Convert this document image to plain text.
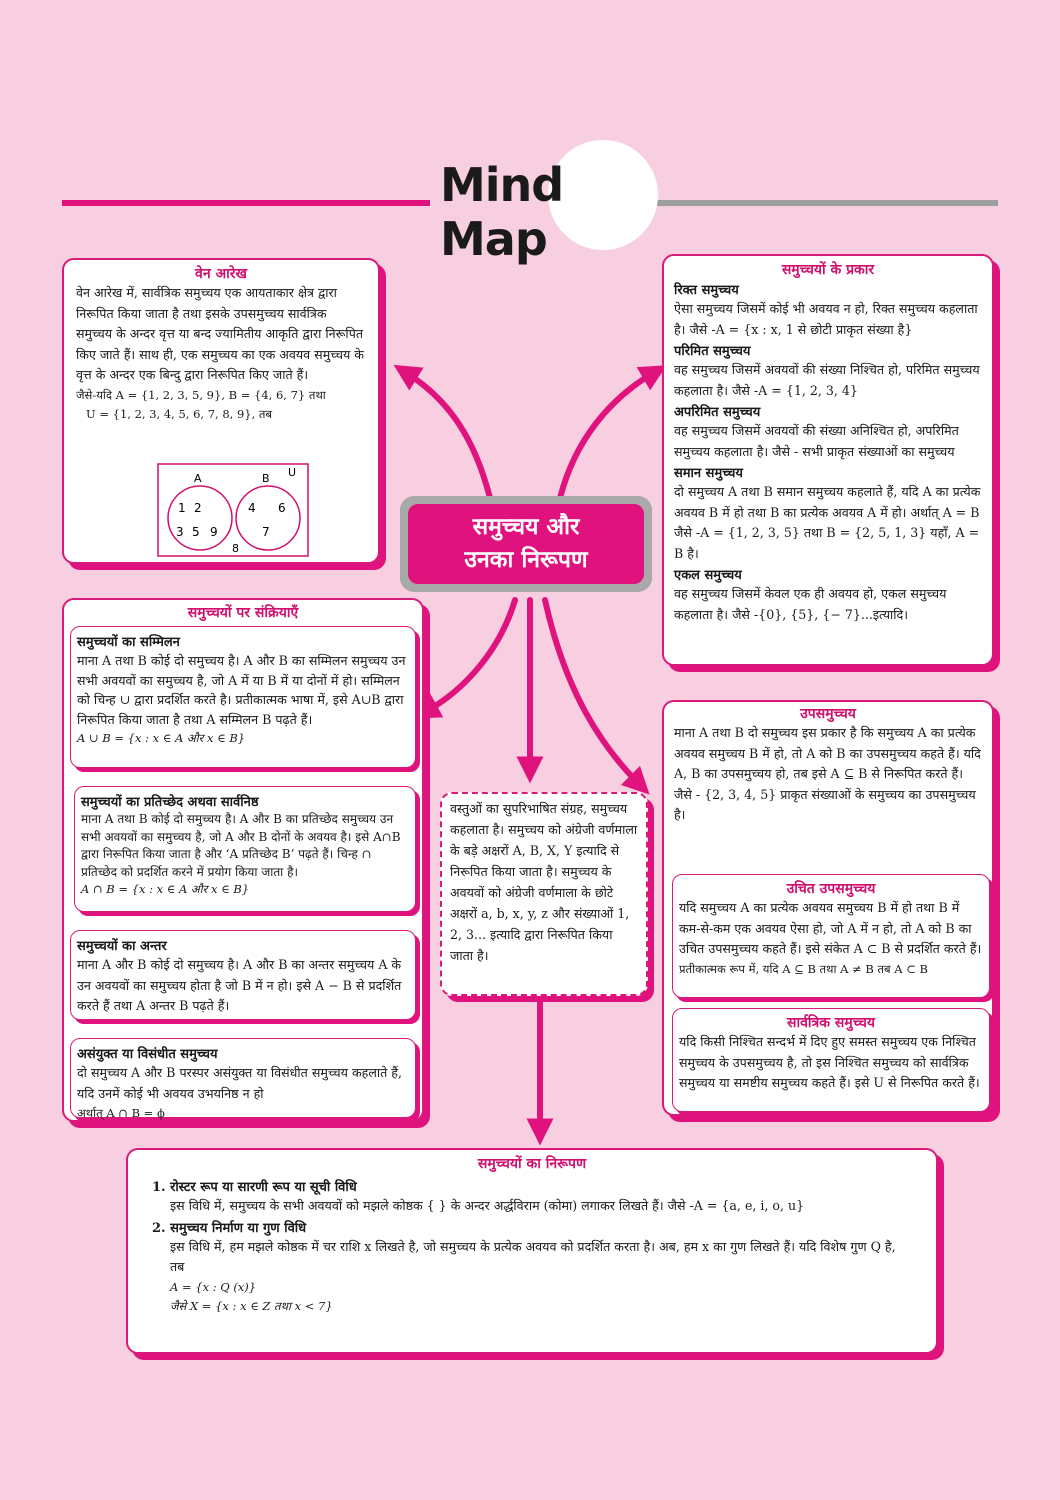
Mind Map
समुच्चय और
उनका निरूपण
वेन आरेख

वेन आरेख में, सार्वत्रिक समुच्चय एक आयताकार क्षेत्र द्वारा निरूपित किया जाता है तथा इसके उपसमुच्चय सार्वत्रिक समुच्चय के अन्दर वृत्त या बन्द ज्यामितीय आकृति द्वारा निरूपित किए जाते हैं। साथ ही, एक समुच्चय का एक अवयव समुच्चय के वृत्त के अन्दर एक बिन्दु द्वारा निरूपित किए जाते हैं।

जैसे-यदि A = {1, 2, 3, 5, 9}, B = {4, 6, 7} तथा

U = {1, 2, 3, 4, 5, 6, 7, 8, 9}, तब

A	B U
1 2
3 5 9
4 6
7
8
समुच्चयों के प्रकार
रिक्त समुच्चय

ऐसा समुच्चय जिसमें कोई भी अवयव न हो, रिक्त समुच्चय कहलाता है। जैसे -A = {x : x, 1 से छोटी प्राकृत संख्या है}

परिमित समुच्चय

वह समुच्चय जिसमें अवयवों की संख्या निश्चित हो, परिमित समुच्चय कहलाता है। जैसे -A = {1, 2, 3, 4}

अपरिमित समुच्चय

वह समुच्चय जिसमें अवयवों की संख्या अनिश्चित हो, अपरिमित समुच्चय कहलाता है। जैसे - सभी प्राकृत संख्याओं का समुच्चय

समान समुच्चय

दो समुच्चय A तथा B समान समुच्चय कहलाते हैं, यदि A का प्रत्येक अवयव B में हो तथा B का प्रत्येक अवयव A में हो। अर्थात् A = B जैसे -A = {1, 2, 3, 5} तथा B = {2, 5, 1, 3} यहाँ, A = B है।

एकल समुच्चय

वह समुच्चय जिसमें केवल एक ही अवयव हो, एकल समुच्चय कहलाता है। जैसे -{0}, {5}, {− 7}...इत्यादि।

समुच्चयों पर संक्रियाएँ
समुच्चयों का सम्मिलन

माना A तथा B कोई दो समुच्चय है। A और B का सम्मिलन समुच्चय उन सभी अवयवों का समुच्चय है, जो A में या B में या दोनों में हो। सम्मिलन को चिन्ह ∪ द्वारा प्रदर्शित करते है। प्रतीकात्मक भाषा में, इसे A∪B द्वारा निरूपित किया जाता है तथा A सम्मिलन B पढ़ते हैं।

A ∪ B = {x : x ∈ A और x ∈ B}

समुच्चयों का प्रतिच्छेद अथवा सार्वनिष्ठ

माना A तथा B कोई दो समुच्चय है। A और B का प्रतिच्छेद समुच्चय उन सभी अवयवों का समुच्चय है, जो A और B दोनों के अवयव है। इसे A∩B द्वारा निरूपित किया जाता है और ‘A प्रतिच्छेद B’ पढ़ते हैं। चिन्ह ∩ प्रतिच्छेद को प्रदर्शित करने में प्रयोग किया जाता है।

A ∩ B = {x : x ∈ A और x ∈ B}

समुच्चयों का अन्तर

माना A और B कोई दो समुच्चय है। A और B का अन्तर समुच्चय A के उन अवयवों का समुच्चय होता है जो B में न हो। इसे A − B से प्रदर्शित करते हैं तथा A अन्तर B पढ़ते हैं।

असंयुक्त या विसंधीत समुच्चय

दो समुच्चय A और B परस्पर असंयुक्त या विसंधीत समुच्चय कहलाते हैं, यदि उनमें कोई भी अवयव उभयनिष्ठ न हो

अर्थात् A ∩ B = ϕ

वस्तुओं का सुपरिभाषित संग्रह, समुच्चय कहलाता है। समुच्चय को अंग्रेजी वर्णमाला के बड़े अक्षरों A, B, X, Y इत्यादि से निरूपित किया जाता है। समुच्चय के अवयवों को अंग्रेजी वर्णमाला के छोटे अक्षरों a, b, x, y, z और संख्याओं 1, 2, 3... इत्यादि द्वारा निरूपित किया जाता है।

उपसमुच्चय

माना A तथा B दो समुच्चय इस प्रकार है कि समुच्चय A का प्रत्येक अवयव समुच्चय B में हो, तो A को B का उपसमुच्चय कहते हैं। यदि A, B का उपसमुच्चय हो, तब इसे A ⊆ B से निरूपित करते हैं। जैसे - {2, 3, 4, 5} प्राकृत संख्याओं के समुच्चय का उपसमुच्चय है।

उचित उपसमुच्चय

यदि समुच्चय A का प्रत्येक अवयव समुच्चय B में हो तथा B में कम-से-कम एक अवयव ऐसा हो, जो A में न हो, तो A को B का उचित उपसमुच्चय कहते हैं। इसे संकेत A ⊂ B से प्रदर्शित करते हैं।

प्रतीकात्मक रूप में, यदि A ⊆ B तथा A ≠ B तब A ⊂ B

सार्वत्रिक समुच्चय

यदि किसी निश्चित सन्दर्भ में दिए हुए समस्त समुच्चय एक निश्चित समुच्चय के उपसमुच्चय है, तो इस निश्चित समुच्चय को सार्वत्रिक समुच्चय या समष्टीय समुच्चय कहते हैं। इसे U से निरूपित करते हैं।

समुच्चयों का निरूपण
1. रोस्टर रूप या सारणी रूप या सूची विधि

इस विधि में, समुच्चय के सभी अवयवों को मझले कोष्ठक { } के अन्दर अर्द्धविराम (कोमा) लगाकर लिखते हैं। जैसे -A = {a, e, i, o, u}

2. समुच्चय निर्माण या गुण विधि

इस विधि में, हम मझले कोष्ठक में चर राशि x लिखते है, जो समुच्चय के प्रत्येक अवयव को प्रदर्शित करता है। अब, हम x का गुण लिखते हैं। यदि विशेष गुण Q है, तब

A = {x : Q (x)}

जैसे X = {x : x ∈ Z तथा x < 7}
